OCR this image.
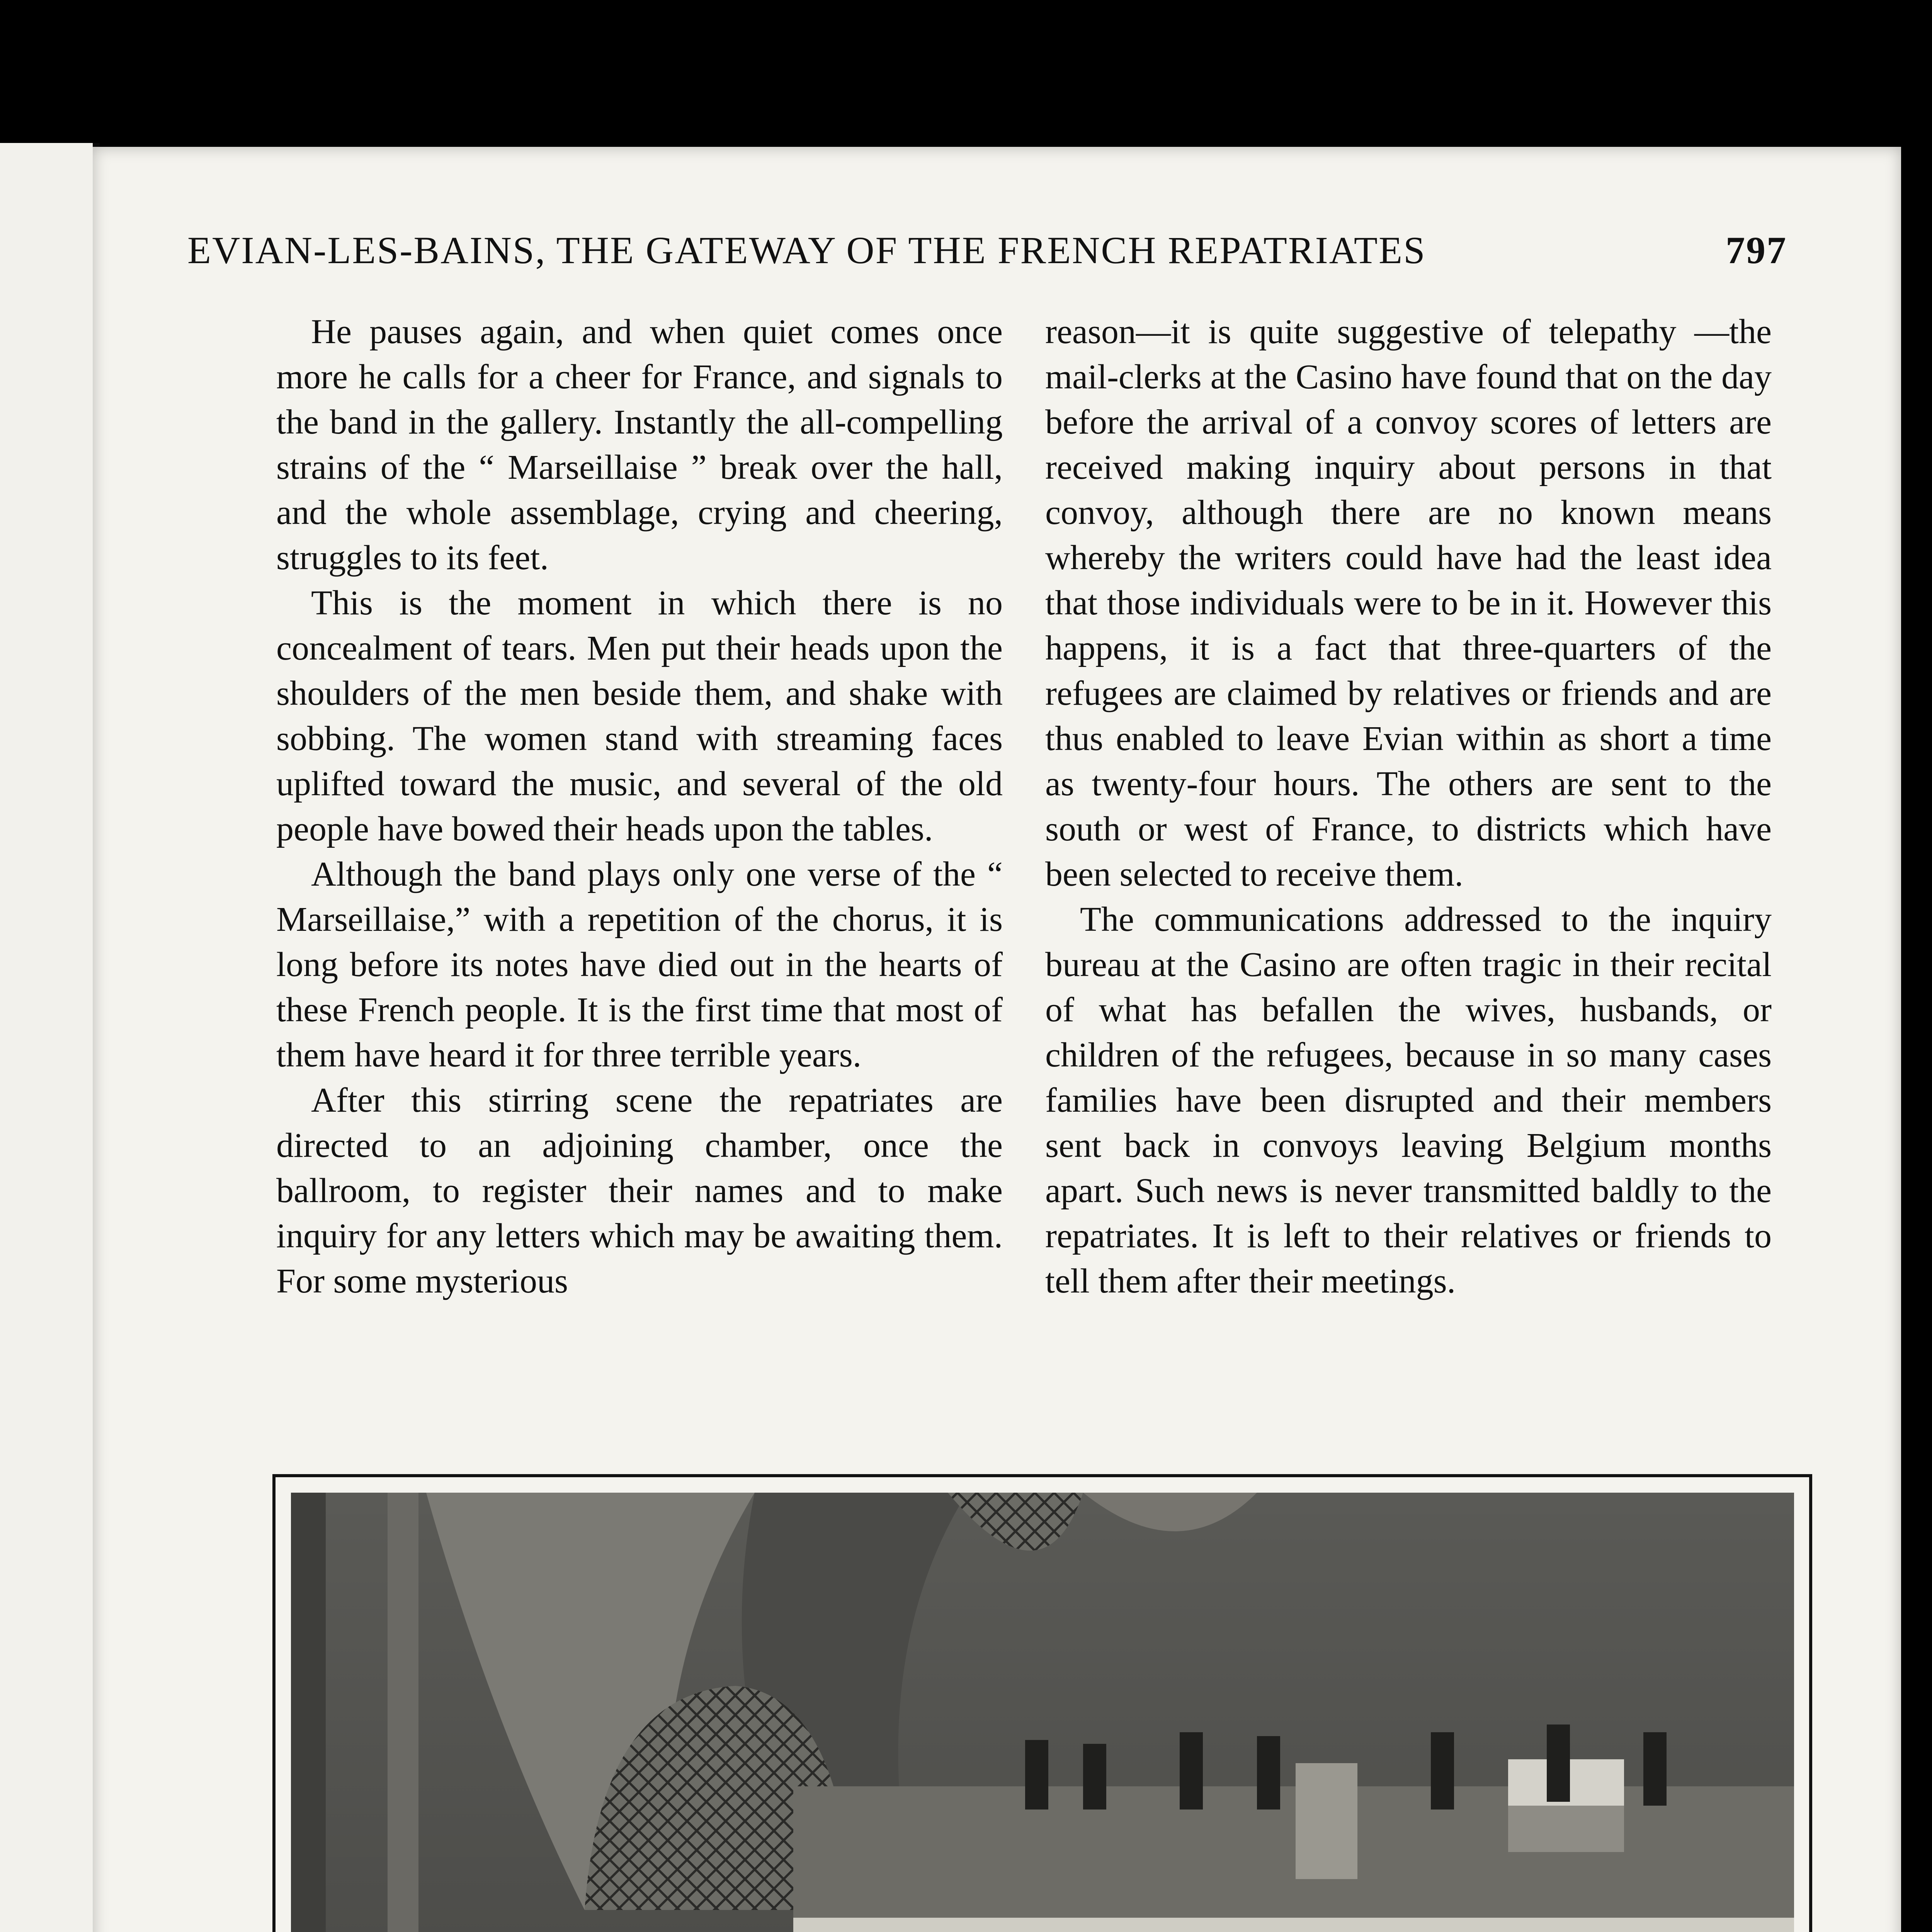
EVIAN-LES-BAINS, THE GATEWAY OF THE FRENCH REPATRIATES	797

He pauses again, and when quiet comes once more he calls for a cheer for France, and signals to the band in the gallery. Instantly the all-compelling strains of the “ Marseillaise ” break over the hall, and the whole assemblage, crying and cheering, struggles to its feet.

This is the moment in which there is no concealment of tears. Men put their heads upon the shoulders of the men beside them, and shake with sobbing. The women stand with streaming faces uplifted toward the music, and several of the old people have bowed their heads upon the tables.

Although the band plays only one verse of the “ Marseillaise,” with a repetition of the chorus, it is long before its notes have died out in the hearts of these French people. It is the first time that most of them have heard it for three terrible years.

After this stirring scene the repatriates are directed to an adjoining chamber, once the ballroom, to register their names and to make inquiry for any letters which may be awaiting them. For some mysterious

reason—it is quite suggestive of telepathy —the mail-clerks at the Casino have found that on the day before the arrival of a convoy scores of letters are received making inquiry about persons in that convoy, although there are no known means whereby the writers could have had the least idea that those individuals were to be in it. However this happens, it is a fact that three-quarters of the refugees are claimed by relatives or friends and are thus enabled to leave Evian within as short a time as twenty-four hours. The others are sent to the south or west of France, to districts which have been selected to receive them.

The communications addressed to the inquiry bureau at the Casino are often tragic in their recital of what has befallen the wives, husbands, or children of the refugees, because in so many cases families have been disrupted and their members sent back in convoys leaving Belgium months apart. Such news is never transmitted baldly to the repatriates. It is left to their relatives or friends to tell them after their meetings.
